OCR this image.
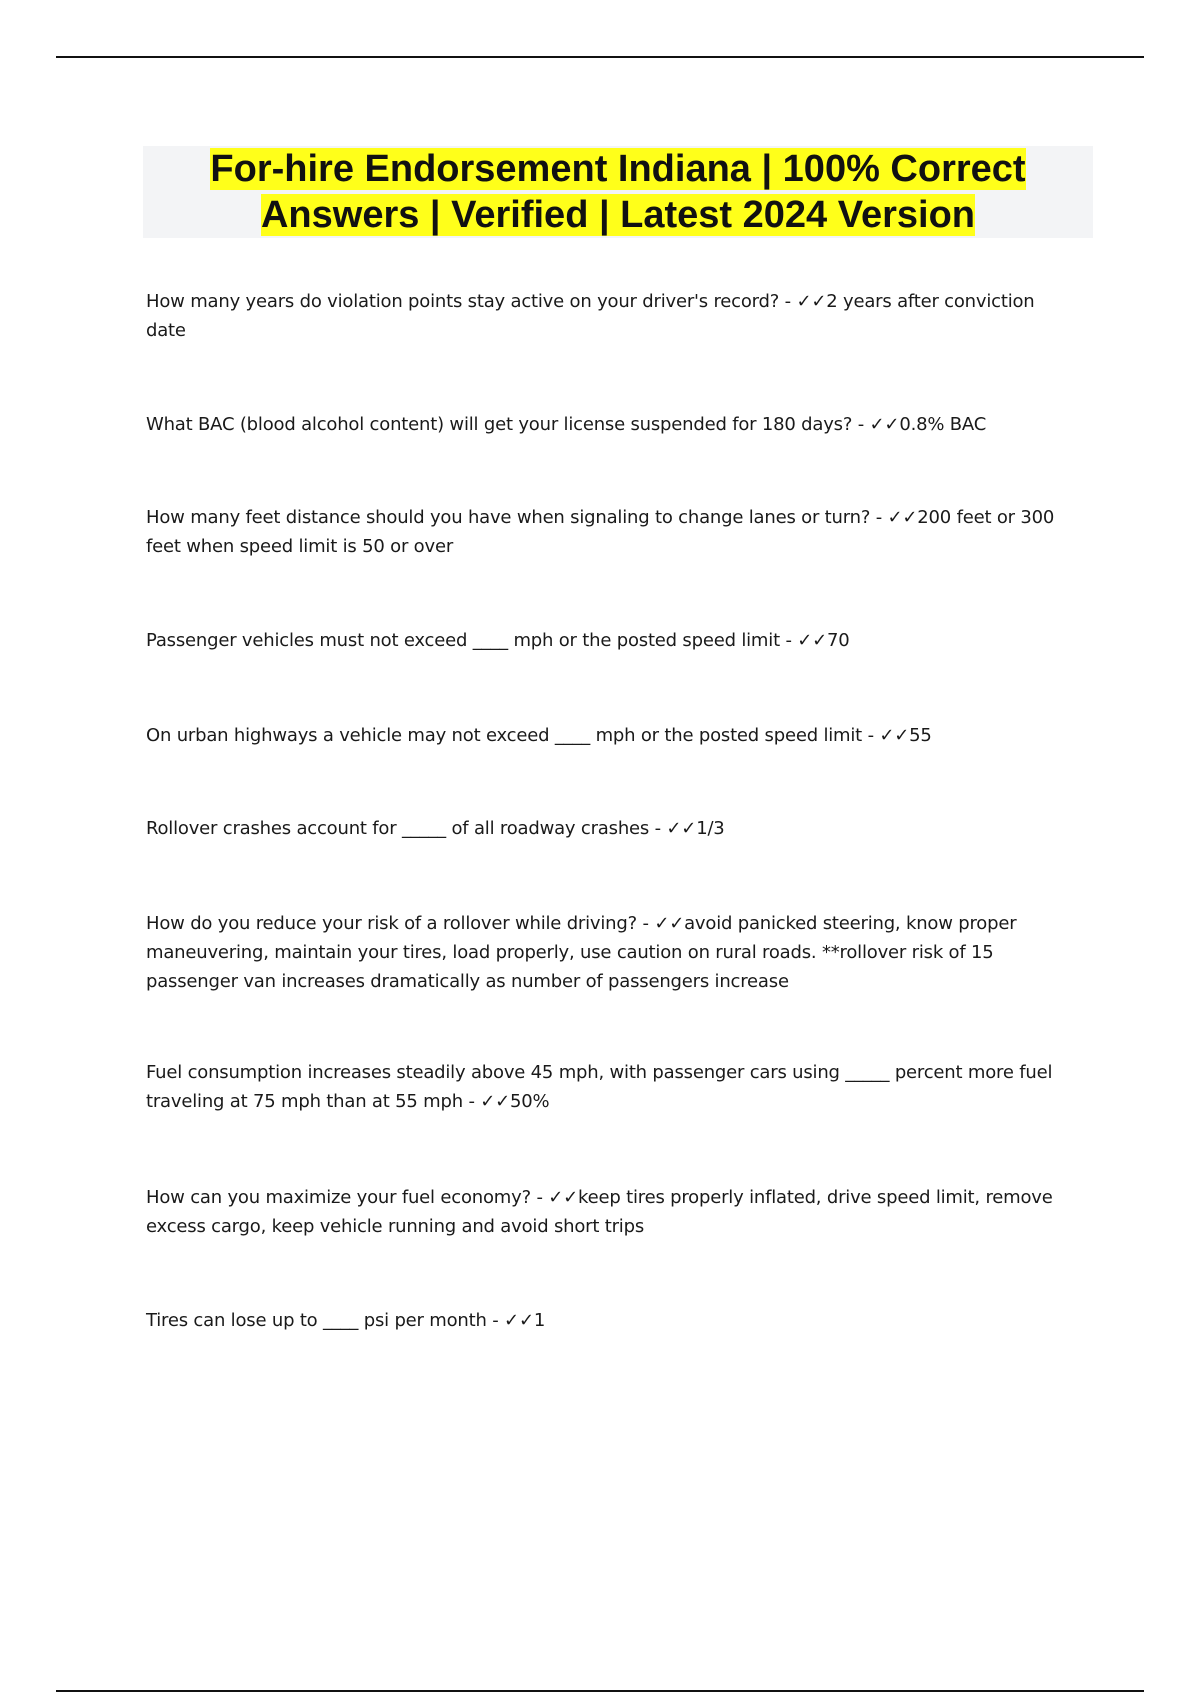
For-hire Endorsement Indiana | 100% Correct
Answers | Verified | Latest 2024 Version

How many years do violation points stay active on your driver's record? - ✓✓2 years after conviction date

What BAC (blood alcohol content) will get your license suspended for 180 days? - ✓✓0.8% BAC

How many feet distance should you have when signaling to change lanes or turn? - ✓✓200 feet or 300 feet when speed limit is 50 or over

Passenger vehicles must not exceed ____ mph or the posted speed limit - ✓✓70

On urban highways a vehicle may not exceed ____ mph or the posted speed limit - ✓✓55

Rollover crashes account for _____ of all roadway crashes - ✓✓1/3

How do you reduce your risk of a rollover while driving? - ✓✓avoid panicked steering, know proper maneuvering, maintain your tires, load properly, use caution on rural roads. **rollover risk of 15 passenger van increases dramatically as number of passengers increase

Fuel consumption increases steadily above 45 mph, with passenger cars using _____ percent more fuel traveling at 75 mph than at 55 mph - ✓✓50%

How can you maximize your fuel economy? - ✓✓keep tires properly inflated, drive speed limit, remove excess cargo, keep vehicle running and avoid short trips

Tires can lose up to ____ psi per month - ✓✓1
